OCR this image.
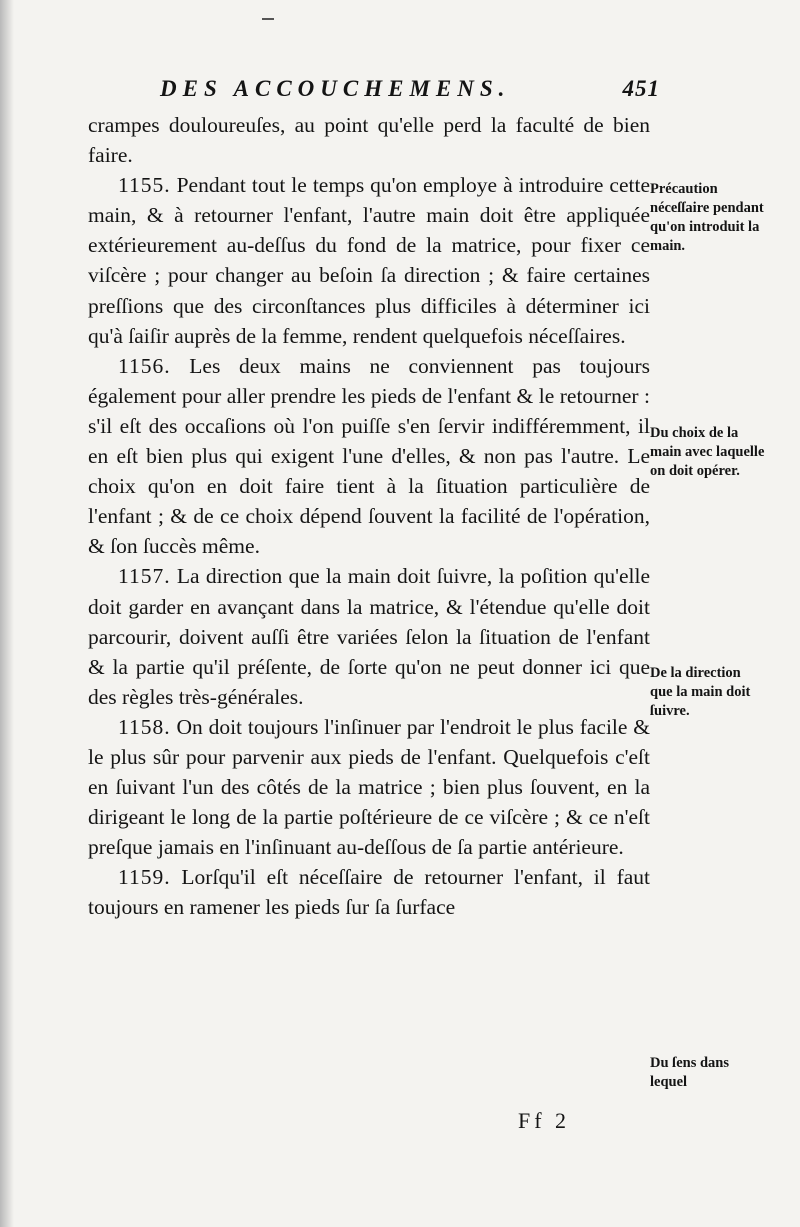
DES ACCOUCHEMENS.	451

crampes douloureuſes, au point qu'elle perd la faculté de bien faire.

1155. Pendant tout le temps qu'on employe à introduire cette main, & à retourner l'enfant, l'autre main doit être appliquée extérieurement au-deſſus du fond de la matrice, pour fixer ce viſcère ; pour changer au beſoin ſa direction ; & faire certaines preſſions que des circonſtances plus difficiles à déterminer ici qu'à ſaiſir auprès de la femme, rendent quelquefois néceſſaires.

1156. Les deux mains ne conviennent pas toujours également pour aller prendre les pieds de l'enfant & le retourner : s'il eſt des occaſions où l'on puiſſe s'en ſervir indifféremment, il en eſt bien plus qui exigent l'une d'elles, & non pas l'autre. Le choix qu'on en doit faire tient à la ſituation particulière de l'enfant ; & de ce choix dépend ſouvent la facilité de l'opération, & ſon ſuccès même.

1157. La direction que la main doit ſuivre, la poſition qu'elle doit garder en avançant dans la matrice, & l'étendue qu'elle doit parcourir, doivent auſſi être variées ſelon la ſituation de l'enfant & la partie qu'il préſente, de ſorte qu'on ne peut donner ici que des règles très-générales.

1158. On doit toujours l'inſinuer par l'endroit le plus facile & le plus sûr pour parvenir aux pieds de l'enfant. Quelquefois c'eſt en ſuivant l'un des côtés de la matrice ; bien plus ſouvent, en la dirigeant le long de la partie poſtérieure de ce viſcère ; & ce n'eſt preſque jamais en l'inſinuant au-deſſous de ſa partie antérieure.

1159. Lorſqu'il eſt néceſſaire de retourner l'enfant, il faut toujours en ramener les pieds ſur ſa ſurface

Précaution néceſſaire pendant qu'on introduit la main.
Du choix de la main avec laquelle on doit opérer.
De la direction que la main doit ſuivre.
Du ſens dans lequel
Ff 2
